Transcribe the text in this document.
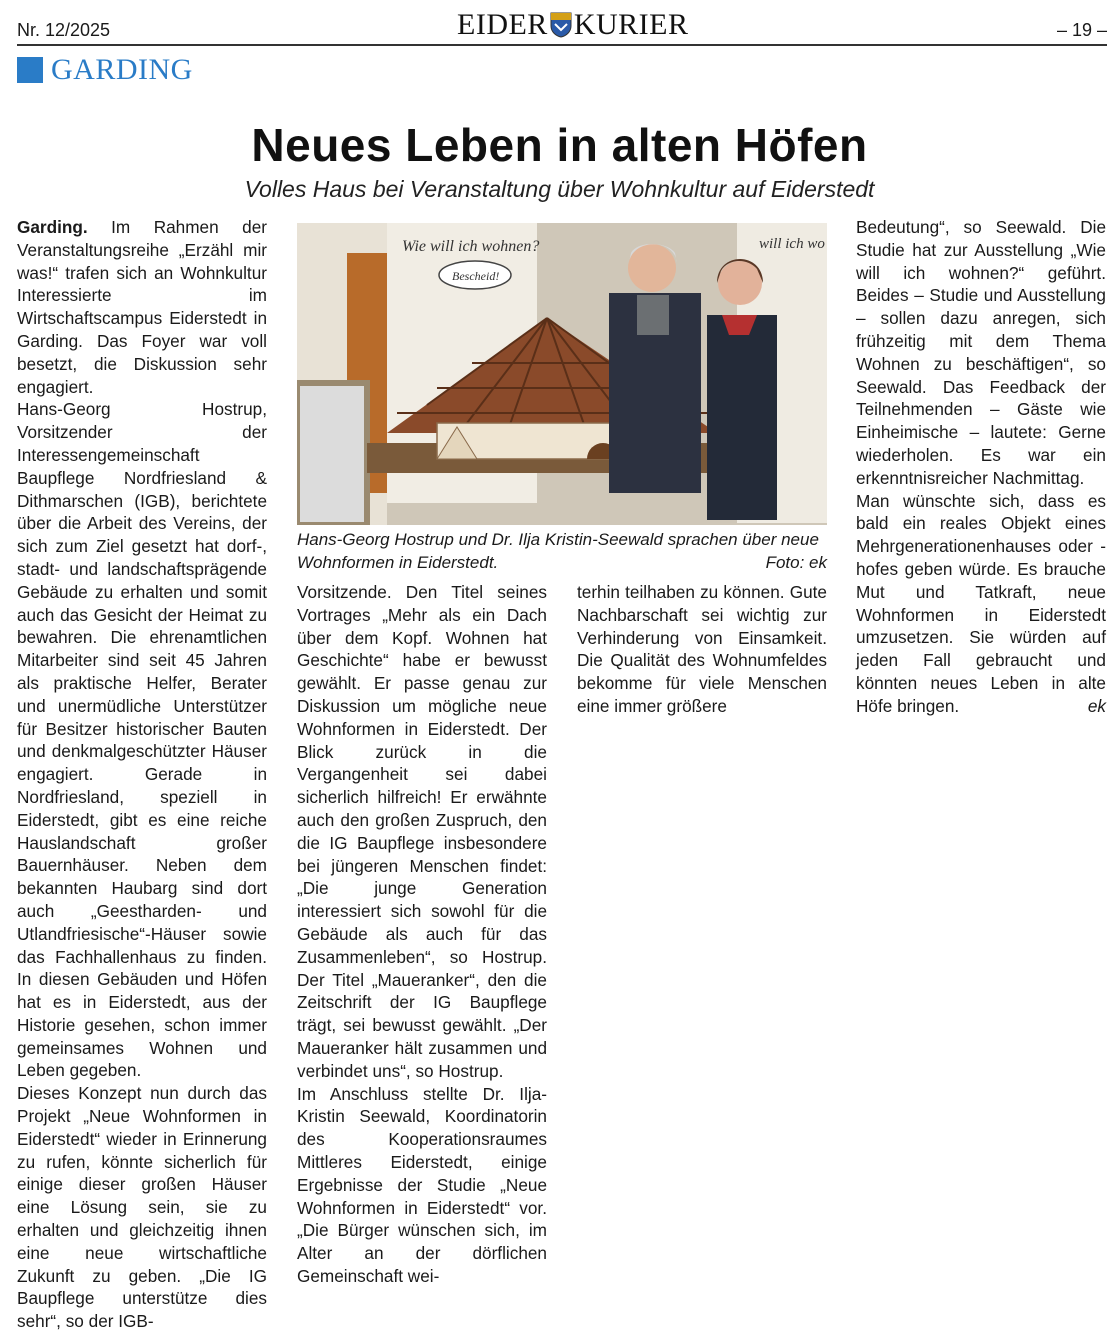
Nr. 12/2025	EIDER KURIER	– 19 –
GARDING
Neues Leben in alten Höfen
Volles Haus bei Veranstaltung über Wohnkultur auf Eiderstedt

Garding. Im Rahmen der Veranstaltungsreihe „Erzähl mir was!“ trafen sich an Wohnkultur Interessierte im Wirtschaftscampus Eiderstedt in Garding. Das Foyer war voll besetzt, die Diskussion sehr engagiert.

Hans-Georg Hostrup, Vorsitzender der Interessengemeinschaft Baupflege Nordfriesland & Dithmarschen (IGB), berichtete über die Arbeit des Vereins, der sich zum Ziel gesetzt hat dorf-, stadt- und landschaftsprägende Gebäude zu erhalten und somit auch das Gesicht der Heimat zu bewahren. Die ehrenamtlichen Mitarbeiter sind seit 45 Jahren als praktische Helfer, Berater und unermüdliche Unterstützer für Besitzer historischer Bauten und denkmalgeschützter Häuser engagiert. Gerade in Nordfriesland, speziell in Eiderstedt, gibt es eine reiche Hauslandschaft großer Bauernhäuser. Neben dem bekannten Haubarg sind dort auch „Geestharden- und Utlandfriesische“-Häuser sowie das Fachhallenhaus zu finden. In diesen Gebäuden und Höfen hat es in Eiderstedt, aus der Historie gesehen, schon immer gemeinsames Wohnen und Leben gegeben.

Dieses Konzept nun durch das Projekt „Neue Wohnformen in Eiderstedt“ wieder in Erinnerung zu rufen, könnte sicherlich für einige dieser großen Häuser eine Lösung sein, sie zu erhalten und gleichzeitig ihnen eine neue wirtschaftliche Zukunft zu geben. „Die IG Baupflege unterstütze dies sehr“, so der IGB-

Wie will ich wohnen?
Bescheid!
will ich wo
Hans-Georg Hostrup und Dr. Ilja Kristin-Seewald sprachen über neue Wohnformen in Eiderstedt.	Foto: ek

Vorsitzende. Den Titel seines Vortrages „Mehr als ein Dach über dem Kopf. Wohnen hat Geschichte“ habe er bewusst gewählt. Er passe genau zur Diskussion um mögliche neue Wohnformen in Eiderstedt. Der Blick zurück in die Vergangenheit sei dabei sicherlich hilfreich! Er erwähnte auch den großen Zuspruch, den die IG Baupflege insbesondere bei jüngeren Menschen findet: „Die junge Generation interessiert sich sowohl für die Gebäude als auch für das Zusammenleben“, so Hostrup. Der Titel „Maueranker“, den die Zeitschrift der IG Baupflege trägt, sei bewusst gewählt. „Der Maueranker hält zusammen und verbindet uns“, so Hostrup.

Im Anschluss stellte Dr. Ilja-Kristin Seewald, Koordinatorin des Kooperationsraumes Mittleres Eiderstedt, einige Ergebnisse der Studie „Neue Wohnformen in Eiderstedt“ vor. „Die Bürger wünschen sich, im Alter an der dörflichen Gemeinschaft wei-

terhin teilhaben zu können. Gute Nachbarschaft sei wichtig zur Verhinderung von Einsamkeit. Die Qualität des Wohnumfeldes bekomme für viele Menschen eine immer größere

Bedeutung“, so Seewald. Die Studie hat zur Ausstellung „Wie will ich wohnen?“ geführt. Beides – Studie und Ausstellung – sollen dazu anregen, sich frühzeitig mit dem Thema Wohnen zu beschäftigen“, so Seewald. Das Feedback der Teilnehmenden – Gäste wie Einheimische – lautete: Gerne wiederholen. Es war ein erkenntnisreicher Nachmittag.

Man wünschte sich, dass es bald ein reales Objekt eines Mehrgenerationenhauses oder -hofes geben würde. Es brauche Mut und Tatkraft, neue Wohnformen in Eiderstedt umzusetzen. Sie würden auf jeden Fall gebraucht und könnten neues Leben in alte Höfe bringen.	ek
